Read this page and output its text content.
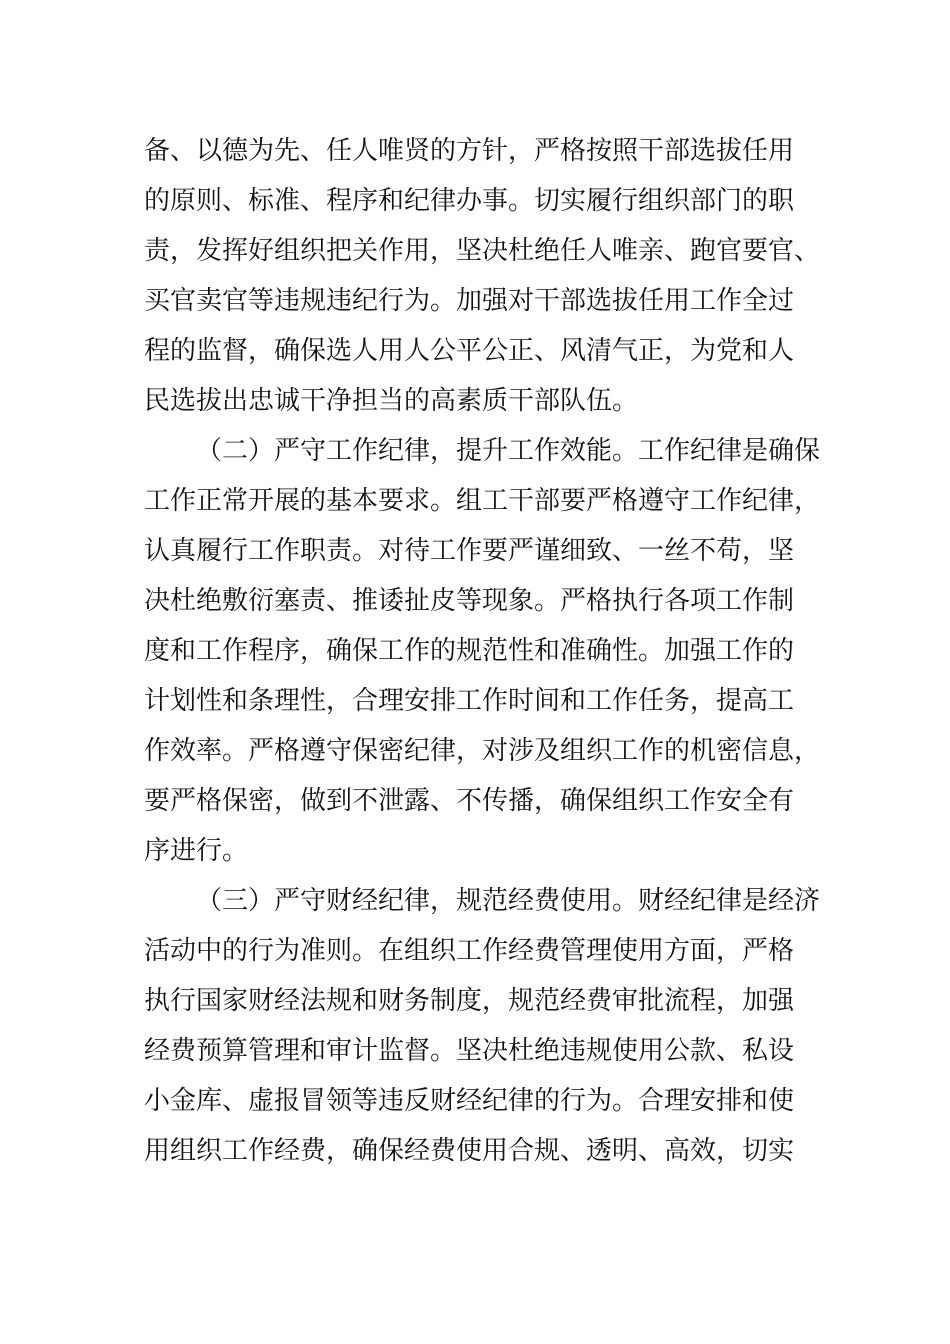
备、以德为先、任人唯贤的方针，严格按照干部选拔任用
的原则、标准、程序和纪律办事。切实履行组织部门的职
责，发挥好组织把关作用，坚决杜绝任人唯亲、跑官要官、
买官卖官等违规违纪行为。加强对干部选拔任用工作全过
程的监督，确保选人用人公平公正、风清气正，为党和人
民选拔出忠诚干净担当的高素质干部队伍。
（二）严守工作纪律，提升工作效能。工作纪律是确保
工作正常开展的基本要求。组工干部要严格遵守工作纪律，
认真履行工作职责。对待工作要严谨细致、一丝不苟，坚
决杜绝敷衍塞责、推诿扯皮等现象。严格执行各项工作制
度和工作程序，确保工作的规范性和准确性。加强工作的
计划性和条理性，合理安排工作时间和工作任务，提高工
作效率。严格遵守保密纪律，对涉及组织工作的机密信息，
要严格保密，做到不泄露、不传播，确保组织工作安全有
序进行。
（三）严守财经纪律，规范经费使用。财经纪律是经济
活动中的行为准则。在组织工作经费管理使用方面，严格
执行国家财经法规和财务制度，规范经费审批流程，加强
经费预算管理和审计监督。坚决杜绝违规使用公款、私设
小金库、虚报冒领等违反财经纪律的行为。合理安排和使
用组织工作经费，确保经费使用合规、透明、高效，切实
